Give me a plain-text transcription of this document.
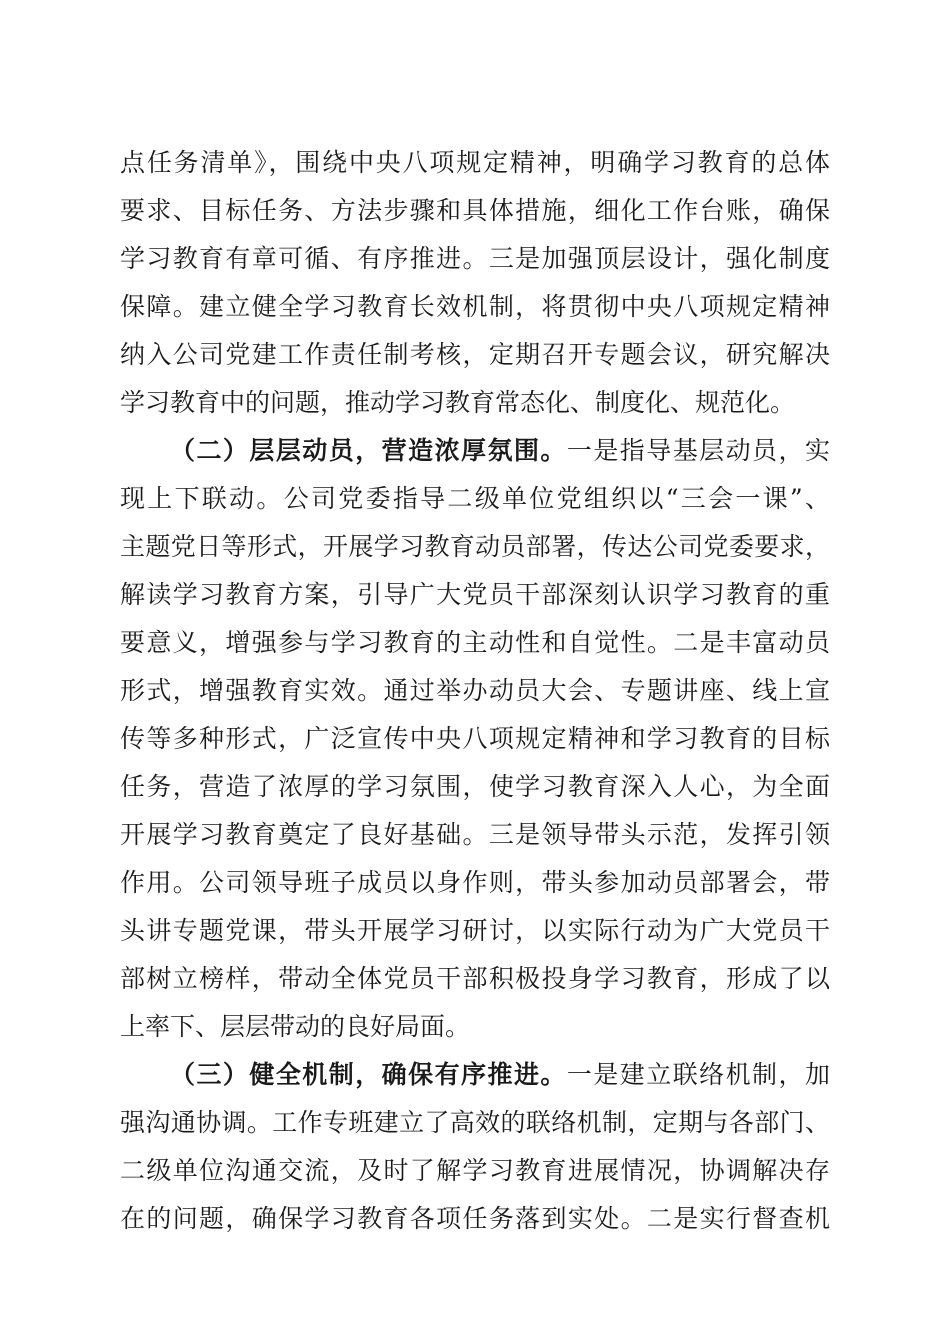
点任务清单》，围绕中央八项规定精神，明确学习教育的总体
要求、目标任务、方法步骤和具体措施，细化工作台账，确保
学习教育有章可循、有序推进。三是加强顶层设计，强化制度
保障。建立健全学习教育长效机制，将贯彻中央八项规定精神
纳入公司党建工作责任制考核，定期召开专题会议，研究解决
学习教育中的问题，推动学习教育常态化、制度化、规范化。
（二）层层动员，营造浓厚氛围。一是指导基层动员，实
现上下联动。公司党委指导二级单位党组织以“三会一课”、
主题党日等形式，开展学习教育动员部署，传达公司党委要求，
解读学习教育方案，引导广大党员干部深刻认识学习教育的重
要意义，增强参与学习教育的主动性和自觉性。二是丰富动员
形式，增强教育实效。通过举办动员大会、专题讲座、线上宣
传等多种形式，广泛宣传中央八项规定精神和学习教育的目标
任务，营造了浓厚的学习氛围，使学习教育深入人心，为全面
开展学习教育奠定了良好基础。三是领导带头示范，发挥引领
作用。公司领导班子成员以身作则，带头参加动员部署会，带
头讲专题党课，带头开展学习研讨，以实际行动为广大党员干
部树立榜样，带动全体党员干部积极投身学习教育，形成了以
上率下、层层带动的良好局面。
（三）健全机制，确保有序推进。一是建立联络机制，加
强沟通协调。工作专班建立了高效的联络机制，定期与各部门、
二级单位沟通交流，及时了解学习教育进展情况，协调解决存
在的问题，确保学习教育各项任务落到实处。二是实行督查机
